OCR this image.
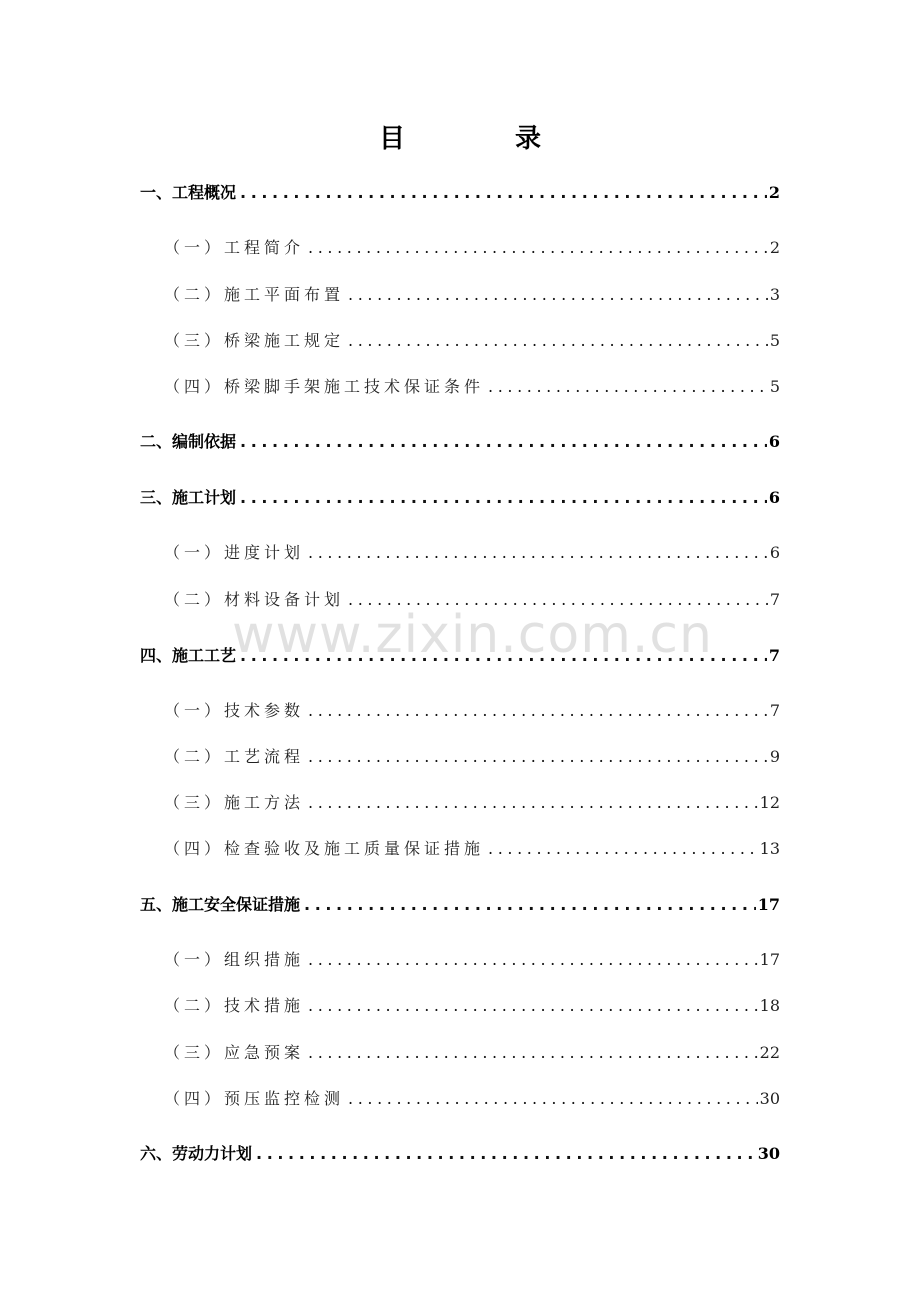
目　录
一、工程概况 .....	2
（一）工程简介 .....	2
（二）施工平面布置 .....	3
（三）桥梁施工规定 .....	5
（四）桥梁脚手架施工技术保证条件 .....	5
二、编制依据 .....	6
三、施工计划 .....	6
（一）进度计划 .....	6
（二）材料设备计划 .....	7
四、施工工艺 .....	7
（一）技术参数 .....	7
（二）工艺流程 .....	9
（三）施工方法 .....	12
（四）检查验收及施工质量保证措施 .....	13
五、施工安全保证措施 .....	17
（一）组织措施 .....	17
（二）技术措施 .....	18
（三）应急预案 .....	22
（四）预压监控检测 .....	30
六、劳动力计划 .....	30
www.zixin.com.cn
